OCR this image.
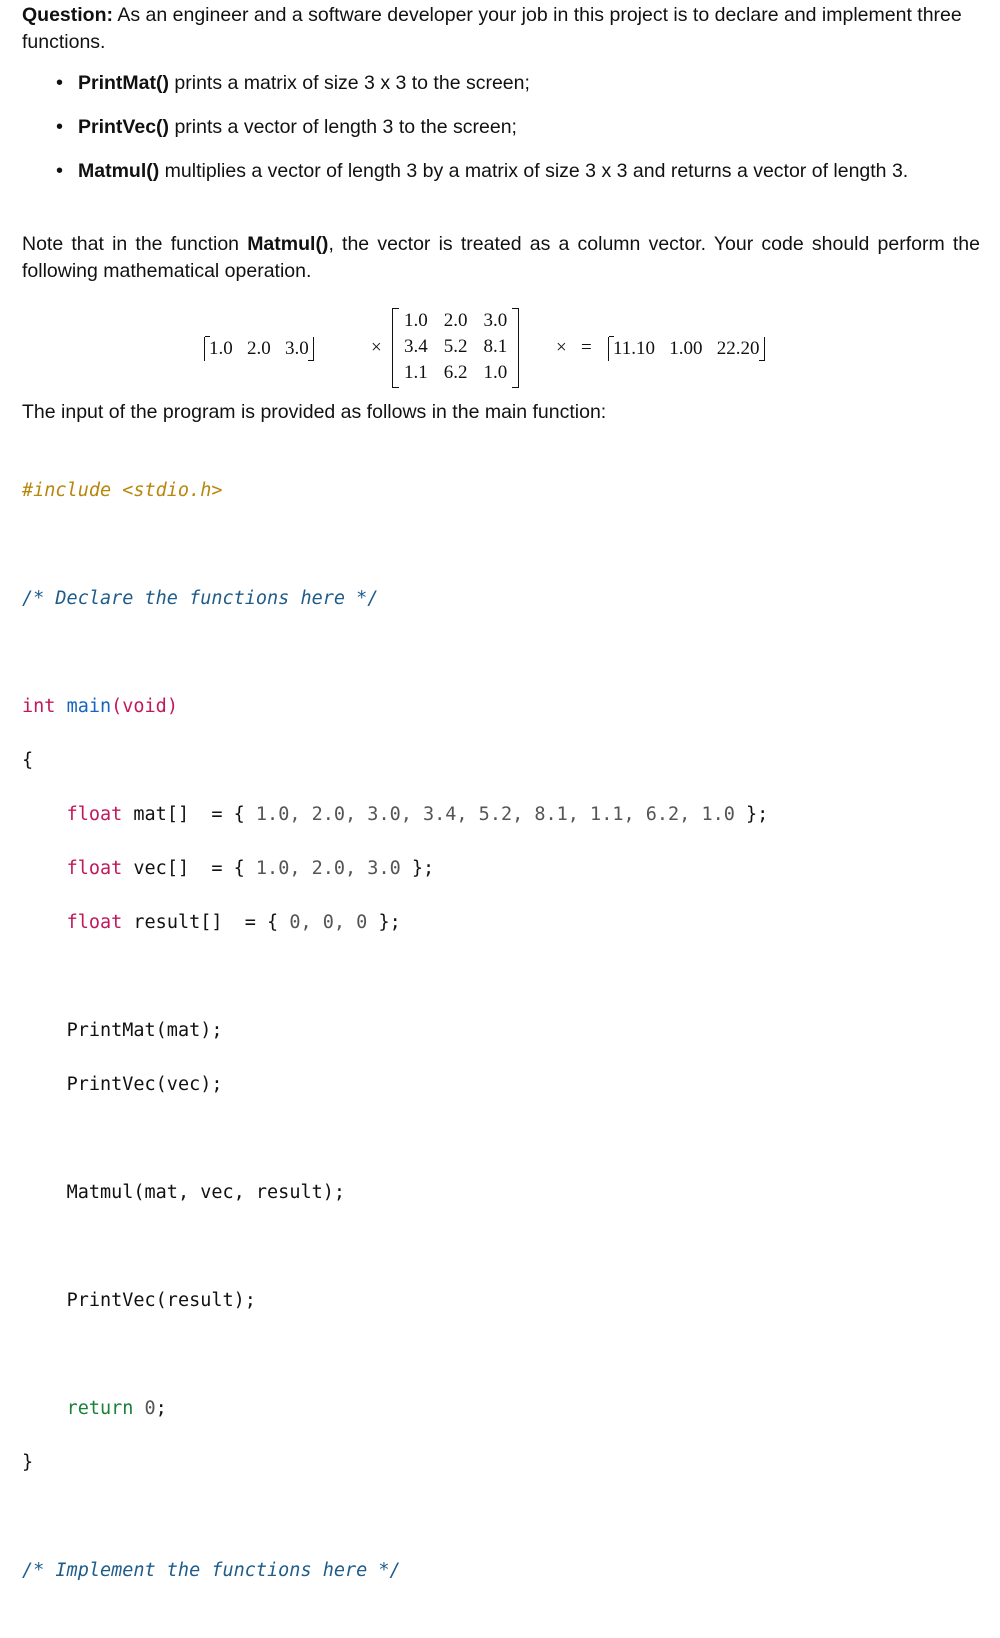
Question: As an engineer and a software developer your job in this project is to declare and implement three functions.
• PrintMat() prints a matrix of size 3 x 3 to the screen;
• PrintVec() prints a vector of length 3 to the screen;
• Matmul() multiplies a vector of length 3 by a matrix of size 3 x 3 and returns a vector of length 3.
Note that in the function Matmul(), the vector is treated as a column vector. Your code should perform the following mathematical operation.
1.0   2.0   3.0	×
1.0	2.0	3.0
3.4	5.2	8.1
1.1	6.2	1.0
× = 11.10   1.00   22.20
The input of the program is provided as follows in the main function:

#include <stdio.h>

/* Declare the functions here */

int main(void)

{

float mat[]  = { 1.0, 2.0, 3.0, 3.4, 5.2, 8.1, 1.1, 6.2, 1.0 };

float vec[]  = { 1.0, 2.0, 3.0 };

float result[]  = { 0, 0, 0 };

PrintMat(mat);

PrintVec(vec);

Matmul(mat, vec, result);

PrintVec(result);

return 0;

}

/* Implement the functions here */
